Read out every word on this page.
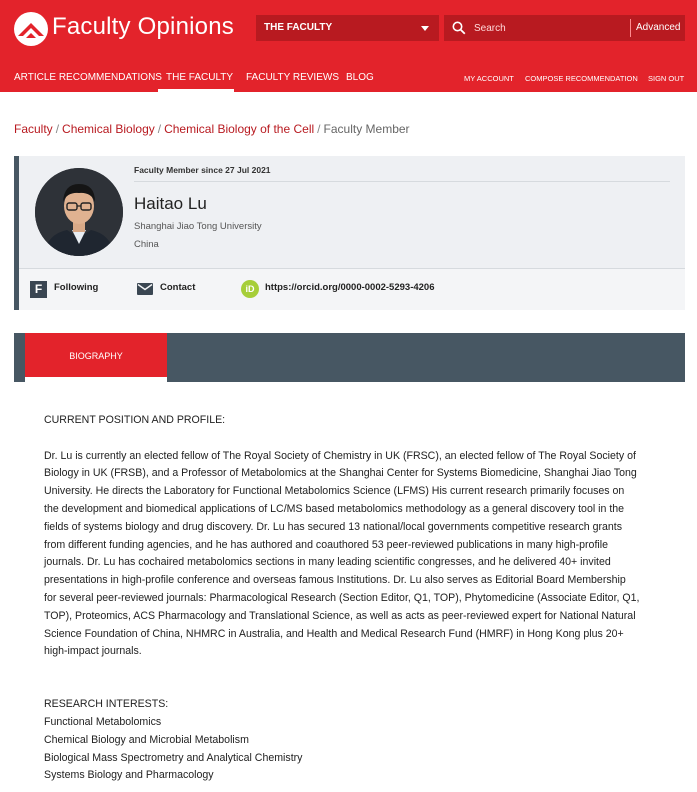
Faculty Opinions	THE FACULTY
Search	Advanced
ARTICLE RECOMMENDATIONS THE FACULTY FACULTY REVIEWS BLOG	MY ACCOUNT COMPOSE RECOMMENDATION SIGN OUT
Faculty / Chemical Biology / Chemical Biology of the Cell / Faculty Member
Faculty Member since 27 Jul 2021
Haitao Lu
Shanghai Jiao Tong University
China
F	Following	Contact	iD	https://orcid.org/0000-0002-5293-4206
BIOGRAPHY
CURRENT POSITION AND PROFILE:
Dr. Lu is currently an elected fellow of The Royal Society of Chemistry in UK (FRSC), an elected fellow of The Royal Society of
Biology in UK (FRSB), and a Professor of Metabolomics at the Shanghai Center for Systems Biomedicine, Shanghai Jiao Tong
University. He directs the Laboratory for Functional Metabolomics Science (LFMS) His current research primarily focuses on
the development and biomedical applications of LC/MS based metabolomics methodology as a general discovery tool in the
fields of systems biology and drug discovery. Dr. Lu has secured 13 national/local governments competitive research grants
from different funding agencies, and he has authored and coauthored 53 peer-reviewed publications in many high-profile
journals. Dr. Lu has cochaired metabolomics sections in many leading scientific congresses, and he delivered 40+ invited
presentations in high-profile conference and overseas famous Institutions. Dr. Lu also serves as Editorial Board Membership
for several peer-reviewed journals: Pharmacological Research (Section Editor, Q1, TOP), Phytomedicine (Associate Editor, Q1,
TOP), Proteomics, ACS Pharmacology and Translational Science, as well as acts as peer-reviewed expert for National Natural
Science Foundation of China, NHMRC in Australia, and Health and Medical Research Fund (HMRF) in Hong Kong plus 20+
high-impact journals.
RESEARCH INTERESTS:
Functional Metabolomics
Chemical Biology and Microbial Metabolism
Biological Mass Spectrometry and Analytical Chemistry
Systems Biology and Pharmacology
